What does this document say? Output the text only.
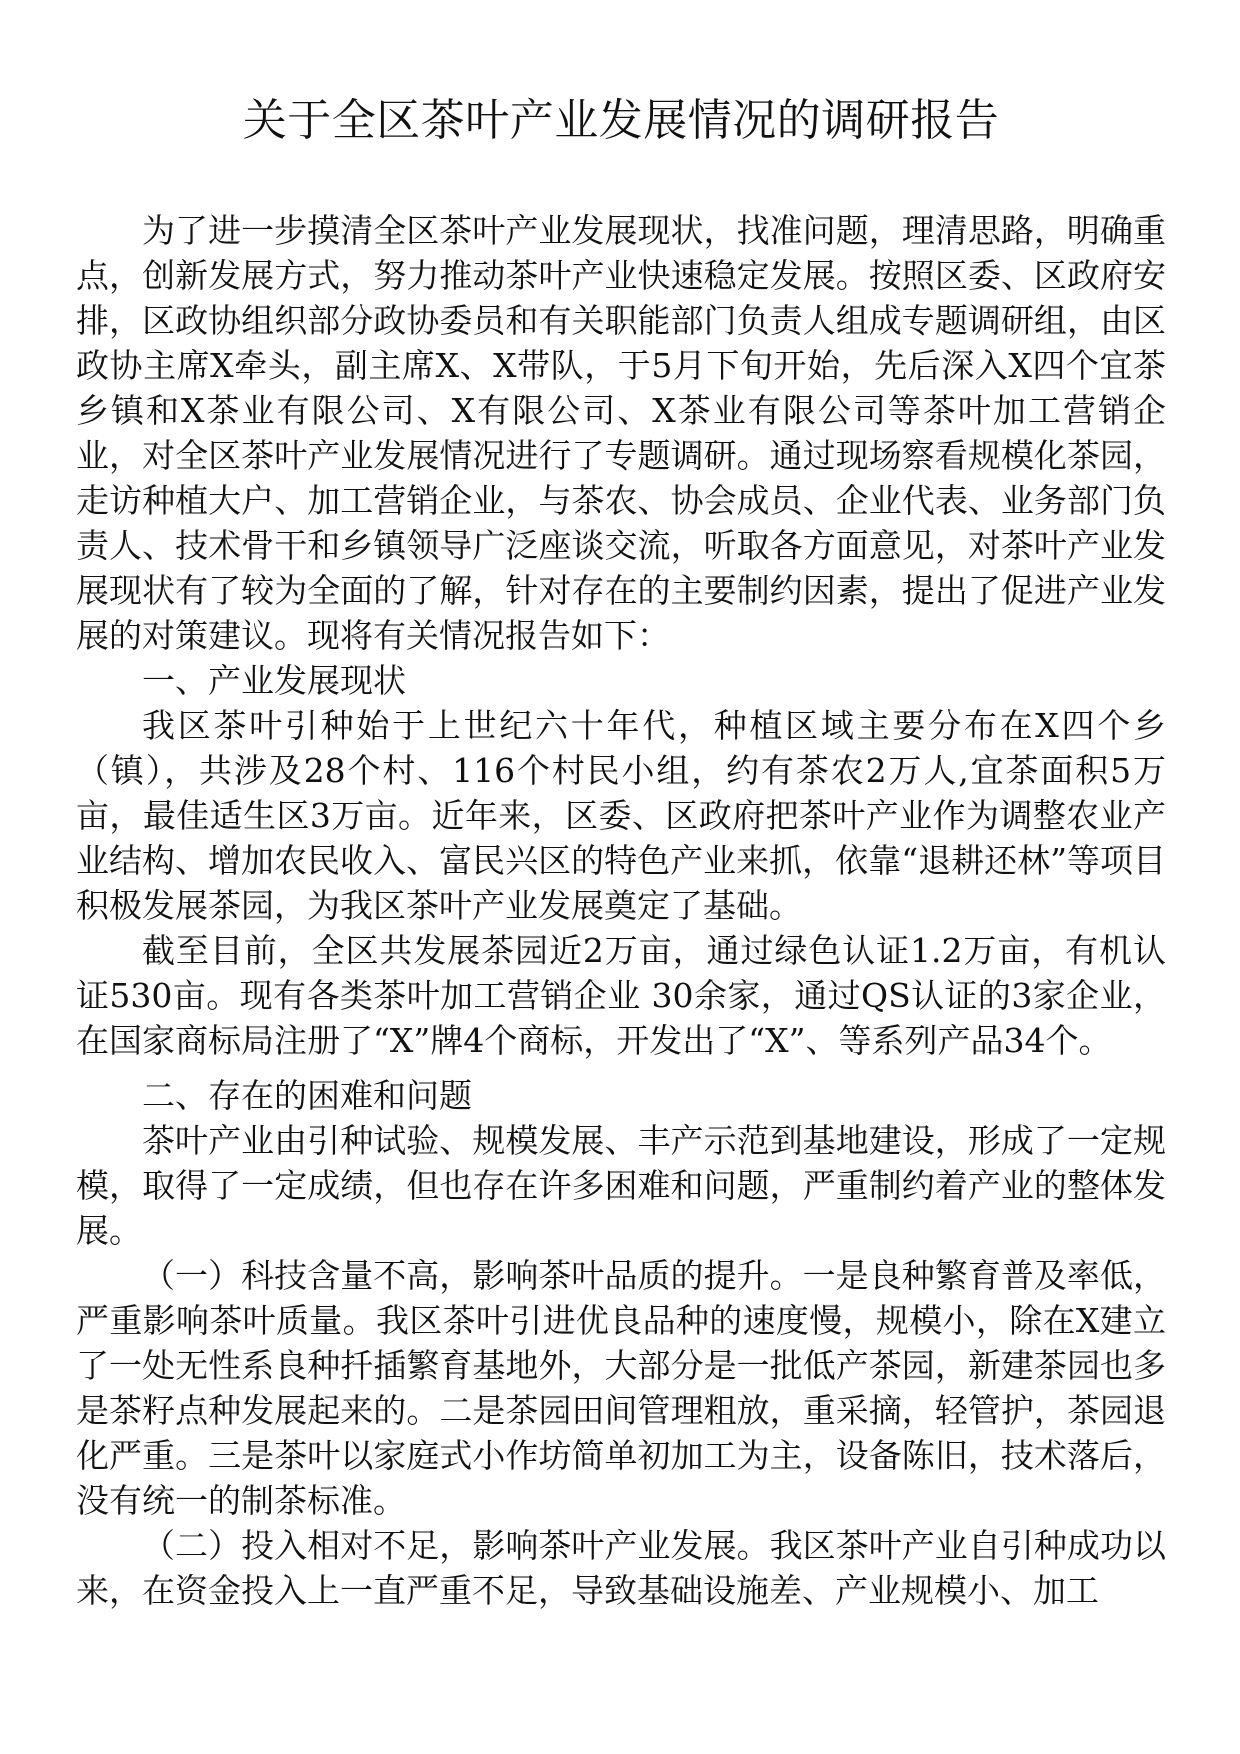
关于全区茶叶产业发展情况的调研报告

为了进一步摸清全区茶叶产业发展现状，找准问题，理清思路，明确重点，创新发展方式，努力推动茶叶产业快速稳定发展。按照区委、区政府安排，区政协组织部分政协委员和有关职能部门负责人组成专题调研组，由区政协主席X牵头，副主席X、X带队，于5月下旬开始，先后深入X四个宜茶乡镇和X茶业有限公司、X有限公司、X茶业有限公司等茶叶加工营销企业，对全区茶叶产业发展情况进行了专题调研。通过现场察看规模化茶园，走访种植大户、加工营销企业，与茶农、协会成员、企业代表、业务部门负责人、技术骨干和乡镇领导广泛座谈交流，听取各方面意见，对茶叶产业发展现状有了较为全面的了解，针对存在的主要制约因素，提出了促进产业发展的对策建议。现将有关情况报告如下：

一、产业发展现状

我区茶叶引种始于上世纪六十年代，种植区域主要分布在X四个乡（镇），共涉及28个村、116个村民小组，约有茶农2万人,宜茶面积5万亩，最佳适生区3万亩。近年来，区委、区政府把茶叶产业作为调整农业产业结构、增加农民收入、富民兴区的特色产业来抓，依靠“退耕还林”等项目积极发展茶园，为我区茶叶产业发展奠定了基础。

截至目前，全区共发展茶园近2万亩，通过绿色认证1.2万亩，有机认证530亩。现有各类茶叶加工营销企业 30余家，通过QS认证的3家企业，在国家商标局注册了“X”牌4个商标，开发出了“X”、等系列产品34个。

二、存在的困难和问题

茶叶产业由引种试验、规模发展、丰产示范到基地建设，形成了一定规模，取得了一定成绩，但也存在许多困难和问题，严重制约着产业的整体发展。

（一）科技含量不高，影响茶叶品质的提升。一是良种繁育普及率低，严重影响茶叶质量。我区茶叶引进优良品种的速度慢，规模小，除在X建立了一处无性系良种扦插繁育基地外，大部分是一批低产茶园，新建茶园也多是茶籽点种发展起来的。二是茶园田间管理粗放，重采摘，轻管护，茶园退化严重。三是茶叶以家庭式小作坊简单初加工为主，设备陈旧，技术落后，没有统一的制茶标准。

（二）投入相对不足，影响茶叶产业发展。我区茶叶产业自引种成功以来，在资金投入上一直严重不足，导致基础设施差、产业规模小、加工
